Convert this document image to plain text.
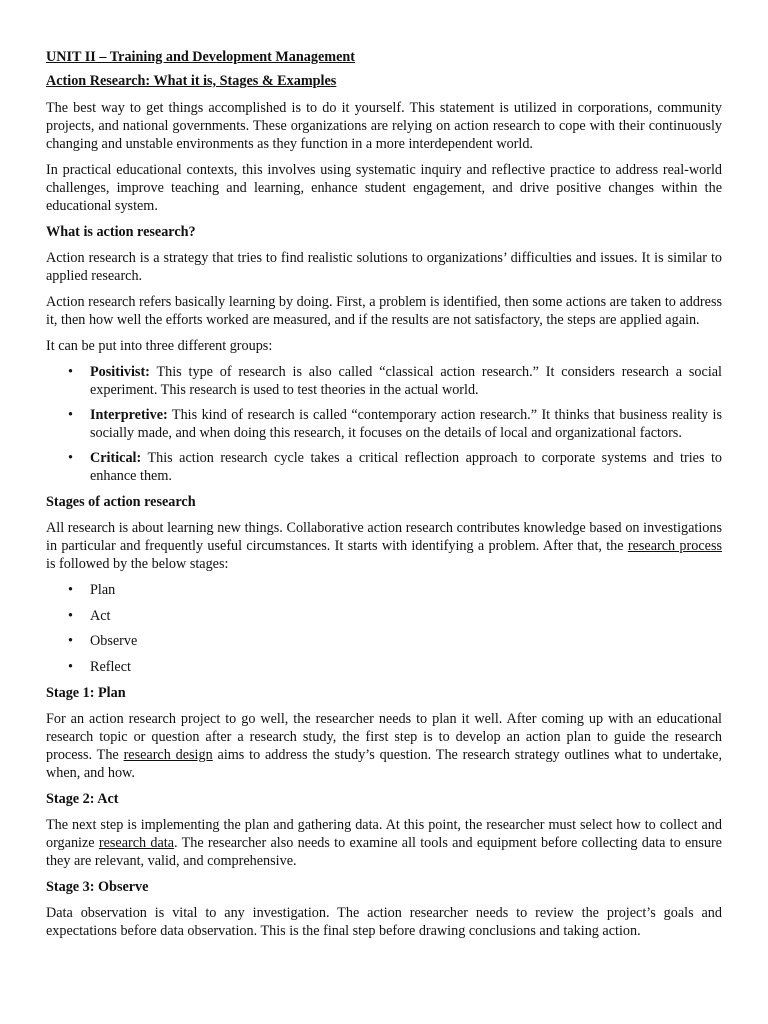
UNIT II – Training and Development Management
Action Research: What it is, Stages & Examples

The best way to get things accomplished is to do it yourself. This statement is utilized in corporations, community projects, and national governments. These organizations are relying on action research to cope with their continuously changing and unstable environments as they function in a more interdependent world.

In practical educational contexts, this involves using systematic inquiry and reflective practice to address real-world challenges, improve teaching and learning, enhance student engagement, and drive positive changes within the educational system.

What is action research?

Action research is a strategy that tries to find realistic solutions to organizations’ difficulties and issues. It is similar to applied research.

Action research refers basically learning by doing. First, a problem is identified, then some actions are taken to address it, then how well the efforts worked are measured, and if the results are not satisfactory, the steps are applied again.

It can be put into three different groups:

• Positivist: This type of research is also called “classical action research.” It considers research a social experiment. This research is used to test theories in the actual world.
• Interpretive: This kind of research is called “contemporary action research.” It thinks that business reality is socially made, and when doing this research, it focuses on the details of local and organizational factors.
• Critical: This action research cycle takes a critical reflection approach to corporate systems and tries to enhance them.
Stages of action research

All research is about learning new things. Collaborative action research contributes knowledge based on investigations in particular and frequently useful circumstances. It starts with identifying a problem. After that, the research process is followed by the below stages:

• Plan
• Act
• Observe
• Reflect
Stage 1: Plan

For an action research project to go well, the researcher needs to plan it well. After coming up with an educational research topic or question after a research study, the first step is to develop an action plan to guide the research process. The research design aims to address the study’s question. The research strategy outlines what to undertake, when, and how.

Stage 2: Act

The next step is implementing the plan and gathering data. At this point, the researcher must select how to collect and organize research data. The researcher also needs to examine all tools and equipment before collecting data to ensure they are relevant, valid, and comprehensive.

Stage 3: Observe

Data observation is vital to any investigation. The action researcher needs to review the project’s goals and expectations before data observation. This is the final step before drawing conclusions and taking action.
